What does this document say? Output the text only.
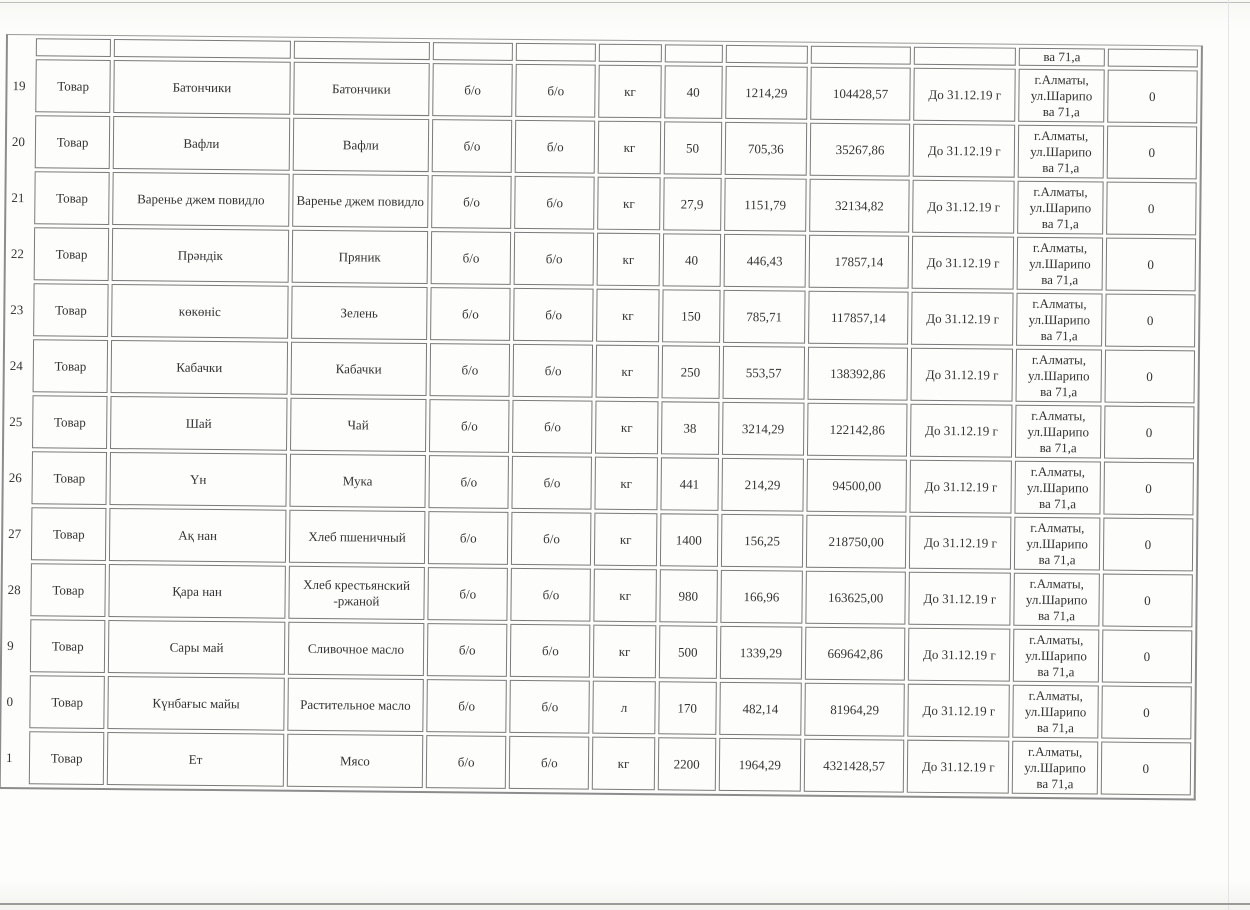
											ва 71,а	
19	Товар	Батончики	Батончики	б/о	б/о	кг	40	1214,29	104428,57	До 31.12.19 г	г.Алматы,
ул.Шарипо
ва 71,а	0
20	Товар	Вафли	Вафли	б/о	б/о	кг	50	705,36	35267,86	До 31.12.19 г	г.Алматы,
ул.Шарипо
ва 71,а	0
21	Товар	Варенье джем повидло	Варенье джем повидло	б/о	б/о	кг	27,9	1151,79	32134,82	До 31.12.19 г	г.Алматы,
ул.Шарипо
ва 71,а	0
22	Товар	Прәндік	Пряник	б/о	б/о	кг	40	446,43	17857,14	До 31.12.19 г	г.Алматы,
ул.Шарипо
ва 71,а	0
23	Товар	көкөніс	Зелень	б/о	б/о	кг	150	785,71	117857,14	До 31.12.19 г	г.Алматы,
ул.Шарипо
ва 71,а	0
24	Товар	Кабачки	Кабачки	б/о	б/о	кг	250	553,57	138392,86	До 31.12.19 г	г.Алматы,
ул.Шарипо
ва 71,а	0
25	Товар	Шай	Чай	б/о	б/о	кг	38	3214,29	122142,86	До 31.12.19 г	г.Алматы,
ул.Шарипо
ва 71,а	0
26	Товар	Үн	Мука	б/о	б/о	кг	441	214,29	94500,00	До 31.12.19 г	г.Алматы,
ул.Шарипо
ва 71,а	0
27	Товар	Ақ нан	Хлеб пшеничный	б/о	б/о	кг	1400	156,25	218750,00	До 31.12.19 г	г.Алматы,
ул.Шарипо
ва 71,а	0
28	Товар	Қара нан	Хлеб крестьянский -ржаной	б/о	б/о	кг	980	166,96	163625,00	До 31.12.19 г	г.Алматы,
ул.Шарипо
ва 71,а	0
9	Товар	Сары май	Сливочное масло	б/о	б/о	кг	500	1339,29	669642,86	До 31.12.19 г	г.Алматы,
ул.Шарипо
ва 71,а	0
0	Товар	Күнбағыс майы	Растительное масло	б/о	б/о	л	170	482,14	81964,29	До 31.12.19 г	г.Алматы,
ул.Шарипо
ва 71,а	0
1	Товар	Ет	Мясо	б/о	б/о	кг	2200	1964,29	4321428,57	До 31.12.19 г	г.Алматы,
ул.Шарипо
ва 71,а	0
